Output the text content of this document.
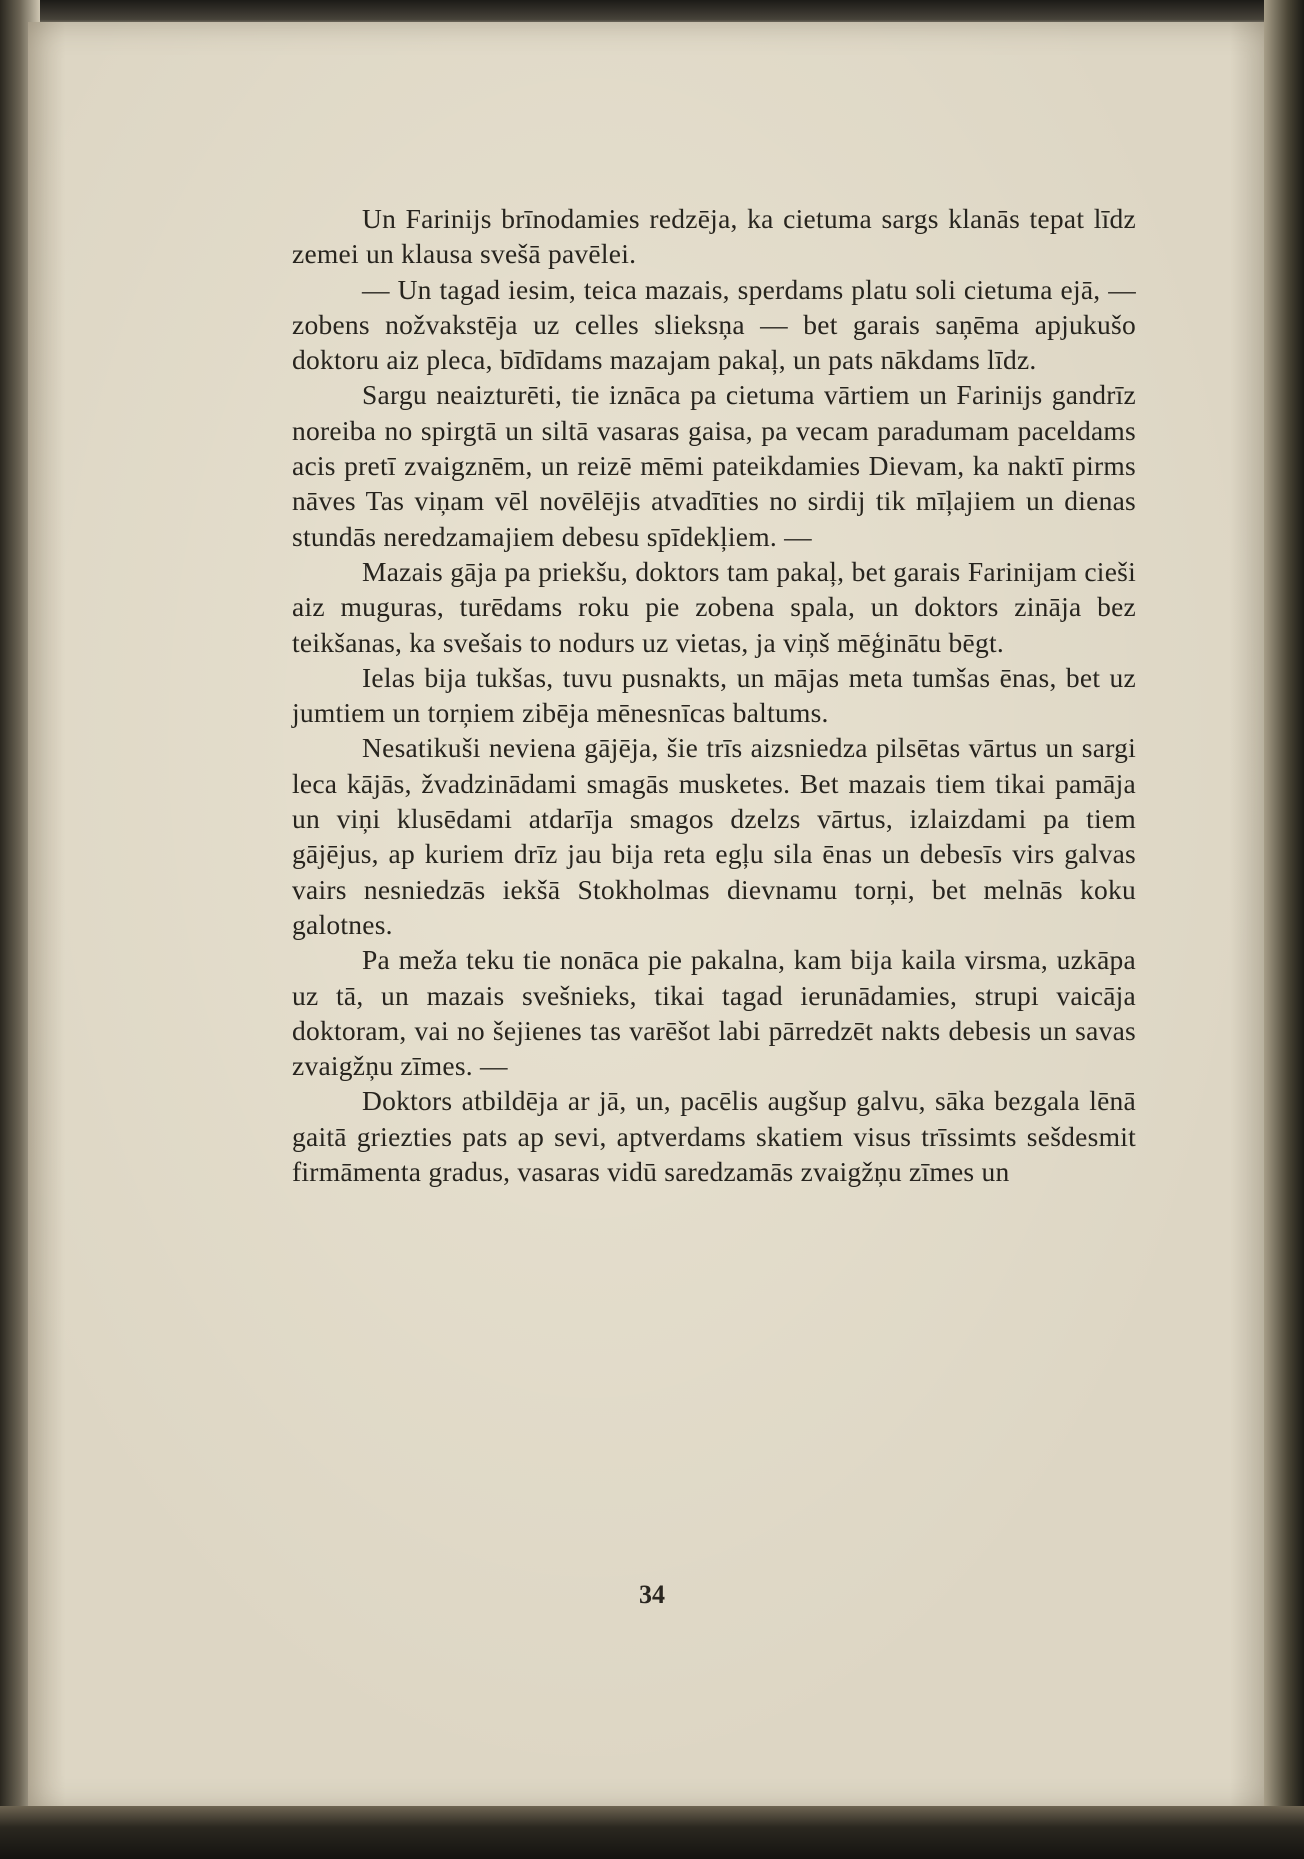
Un Farinijs brīnodamies redzēja, ka cietuma sargs klanās tepat līdz zemei un klausa svešā pavēlei.

— Un tagad iesim, teica mazais, sperdams platu soli cietuma ejā, — zobens nožvakstēja uz celles slieksņa — bet garais saņēma apjukušo doktoru aiz pleca, bīdīdams mazajam pakaļ, un pats nākdams līdz.

Sargu neaizturēti, tie iznāca pa cietuma vārtiem un Farinijs gandrīz noreiba no spirgtā un siltā vasaras gaisa, pa vecam paradumam paceldams acis pretī zvaigznēm, un reizē mēmi pateikdamies Dievam, ka naktī pirms nāves Tas viņam vēl novēlējis atvadīties no sirdij tik mīļajiem un dienas stundās neredzamajiem debesu spīdekļiem. —

Mazais gāja pa priekšu, doktors tam pakaļ, bet garais Farinijam cieši aiz muguras, turēdams roku pie zobena spala, un doktors zināja bez teikšanas, ka svešais to nodurs uz vietas, ja viņš mēģinātu bēgt.

Ielas bija tukšas, tuvu pusnakts, un mājas meta tumšas ēnas, bet uz jumtiem un torņiem zibēja mēnesnīcas baltums.

Nesatikuši neviena gājēja, šie trīs aizsniedza pilsētas vārtus un sargi leca kājās, žvadzinādami smagās musketes. Bet mazais tiem tikai pamāja un viņi klusēdami atdarīja smagos dzelzs vārtus, izlaizdami pa tiem gājējus, ap kuriem drīz jau bija reta egļu sila ēnas un debesīs virs galvas vairs nesniedzās iekšā Stokholmas dievnamu torņi, bet melnās koku galotnes.

Pa meža teku tie nonāca pie pakalna, kam bija kaila virsma, uzkāpa uz tā, un mazais svešnieks, tikai tagad ierunādamies, strupi vaicāja doktoram, vai no šejienes tas varēšot labi pārredzēt nakts debesis un savas zvaigžņu zīmes. —

Doktors atbildēja ar jā, un, pacēlis augšup galvu, sāka bezgala lēnā gaitā griezties pats ap sevi, aptverdams skatiem visus trīssimts sešdesmit firmāmenta gradus, vasaras vidū saredzamās zvaigžņu zīmes un

34
